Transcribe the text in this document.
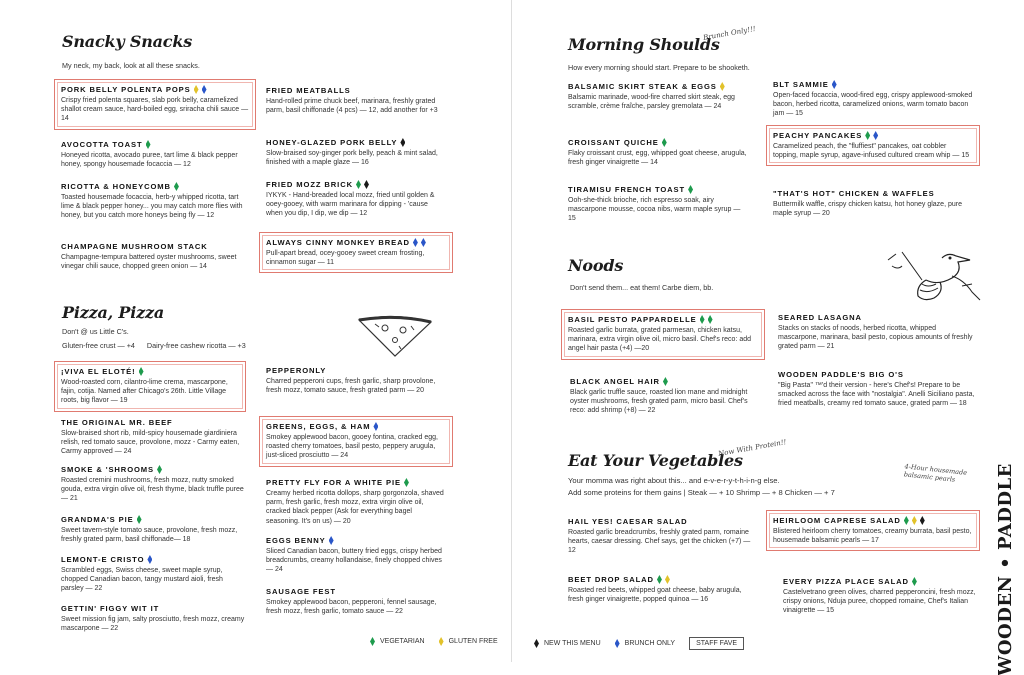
Snacky Snacks
My neck, my back, look at all these snacks.
PORK BELLY POLENTA POPS
Crispy fried polenta squares, slab pork belly, caramelized shallot cream sauce, hard-boiled egg, sriracha chili sauce — 14
AVOCOTTA TOAST
Honeyed ricotta, avocado puree, tart lime & black pepper honey, spongy housemade focaccia — 12
RICOTTA & HONEYCOMB
Toasted housemade focaccia, herb-y whipped ricotta, tart lime & black pepper honey... you may catch more flies with honey, but you catch more honeys being fly — 12
CHAMPAGNE MUSHROOM STACK
Champagne-tempura battered oyster mushrooms, sweet vinegar chili sauce, chopped green onion — 14
FRIED MEATBALLS
Hand-rolled prime chuck beef, marinara, freshly grated parm, basil chiffonade (4 pcs) — 12, add another for +3
HONEY-GLAZED PORK BELLY
Slow-braised soy-ginger pork belly, peach & mint salad, finished with a maple glaze — 16
FRIED MOZZ BRICK
IYKYK - Hand-breaded local mozz, fried until golden & ooey-gooey, with warm marinara for dipping - 'cause when you dip, I dip, we dip — 12
ALWAYS CINNY MONKEY BREAD
Pull-apart bread, ocey-gooey sweet cream frosting, cinnamon sugar — 11
Pizza, Pizza
Don't @ us Little C's.
Gluten-free crust — +4      Dairy-free cashew ricotta — +3
¡VIVA EL ELOTÉ!
Wood-roasted corn, cilantro-lime crema, mascarpone, fajin, cotija. Named after Chicago's 26th. Little Village roots, big flavor — 19
THE ORIGINAL MR. BEEF
Slow-braised short rib, mild-spicy housemade giardiniera relish, red tomato sauce, provolone, mozz - Carmy eaten, Carmy approved — 24
SMOKE & 'SHROOMS
Roasted cremini mushrooms, fresh mozz, nutty smoked gouda, extra virgin olive oil, fresh thyme, black truffle puree — 21
GRANDMA'S PIE
Sweet tavern-style tomato sauce, provolone, fresh mozz, freshly grated parm, basil chiffonade— 18
LEMONT-E CRISTO
Scrambled eggs, Swiss cheese, sweet maple syrup, chopped Canadian bacon, tangy mustard aioli, fresh parsley — 22
GETTIN' FIGGY WIT IT
Sweet mission fig jam, salty prosciutto, fresh mozz, creamy mascarpone — 22
PEPPERONLY
Charred pepperoni cups, fresh garlic, sharp provolone, fresh mozz, tomato sauce, fresh grated parm — 20
GREENS, EGGS, & HAM
Smokey applewood bacon, gooey fontina, cracked egg, roasted cherry tomatoes, basil pesto, peppery arugula, just-sliced prosciutto — 24
PRETTY FLY FOR A WHITE PIE
Creamy herbed ricotta dollops, sharp gorgonzola, shaved parm, fresh garlic, fresh mozz, extra virgin olive oil, cracked black pepper (Ask for everything bagel seasoning. It's on us) — 20
EGGS BENNY
Sliced Canadian bacon, buttery fried eggs, crispy herbed breadcrumbs, creamy hollandaise, finely chopped chives — 24
SAUSAGE FEST
Smokey applewood bacon, pepperoni, fennel sausage, fresh mozz, fresh garlic, tomato sauce — 22
VEGETARIAN	GLUTEN FREE
Morning Shoulds
Brunch Only!!!
How every morning should start. Prepare to be shooketh.
BALSAMIC SKIRT STEAK & EGGS
Balsamic marinade, wood-fire charred skirt steak, egg scramble, crème fraîche, parsley gremolata — 24
CROISSANT QUICHE
Flaky croissant crust, egg, whipped goat cheese, arugula, fresh ginger vinaigrette — 14
TIRAMISU FRENCH TOAST
Ooh-she-thick brioche, rich espresso soak, airy mascarpone mousse, cocoa nibs, warm maple syrup — 15
BLT SAMMIE
Open-faced focaccia, wood-fired egg, crispy applewood-smoked bacon, herbed ricotta, caramelized onions, warm tomato bacon jam — 15
PEACHY PANCAKES
Caramelized peach, the "fluffiest" pancakes, oat cobbler topping, maple syrup, agave-infused cultured cream whip — 15
"THAT'S HOT" CHICKEN & WAFFLES
Buttermilk waffle, crispy chicken katsu, hot honey glaze, pure maple syrup — 20
Noods
Don't send them... eat them! Carbe diem, bb.
BASIL PESTO PAPPARDELLE
Roasted garlic burrata, grated parmesan, chicken katsu, marinara, extra virgin olive oil, micro basil. Chef's reco: add angel hair pasta (+4) —20
BLACK ANGEL HAIR
Black garlic truffle sauce, roasted lion mane and midnight oyster mushrooms, fresh grated parm, micro basil. Chef's reco: add shrimp (+8) — 22
SEARED LASAGNA
Stacks on stacks of noods, herbed ricotta, whipped mascarpone, marinara, basil pesto, copious amounts of freshly grated parm — 21
WOODEN PADDLE'S BIG O'S
"Big Pasta" ™'d their version - here's Chef's! Prepare to be smacked across the face with "nostalgia". Anelli Siciliano pasta, fried meatballs, creamy red tomato sauce, grated parm — 18
Eat Your Vegetables
Now With Protein!!
Your momma was right about this... and e-v-e-r-y-t-h-i-n-g else.
Add some proteins for them gains | Steak — + 10 Shrimp — + 8 Chicken — + 7
4-Hour housemade balsamic pearls
HAIL YES! CAESAR SALAD
Roasted garlic breadcrumbs, freshly grated parm, romaine hearts, caesar dressing. Chef says, get the chicken (+7) — 12
BEET DROP SALAD
Roasted red beets, whipped goat cheese, baby arugula, fresh ginger vinaigrette, popped quinoa — 16
HEIRLOOM CAPRESE SALAD
Blistered heirloom cherry tomatoes, creamy burrata, basil pesto, housemade balsamic pearls — 17
EVERY PIZZA PLACE SALAD
Castelvetrano green olives, charred pepperoncini, fresh mozz, crispy onions, Nduja puree, chopped romaine, Chef's Italian vinaigrette — 15
NEW THIS MENU	BRUNCH ONLY	STAFF FAVE	WOODEN • PADDLE
